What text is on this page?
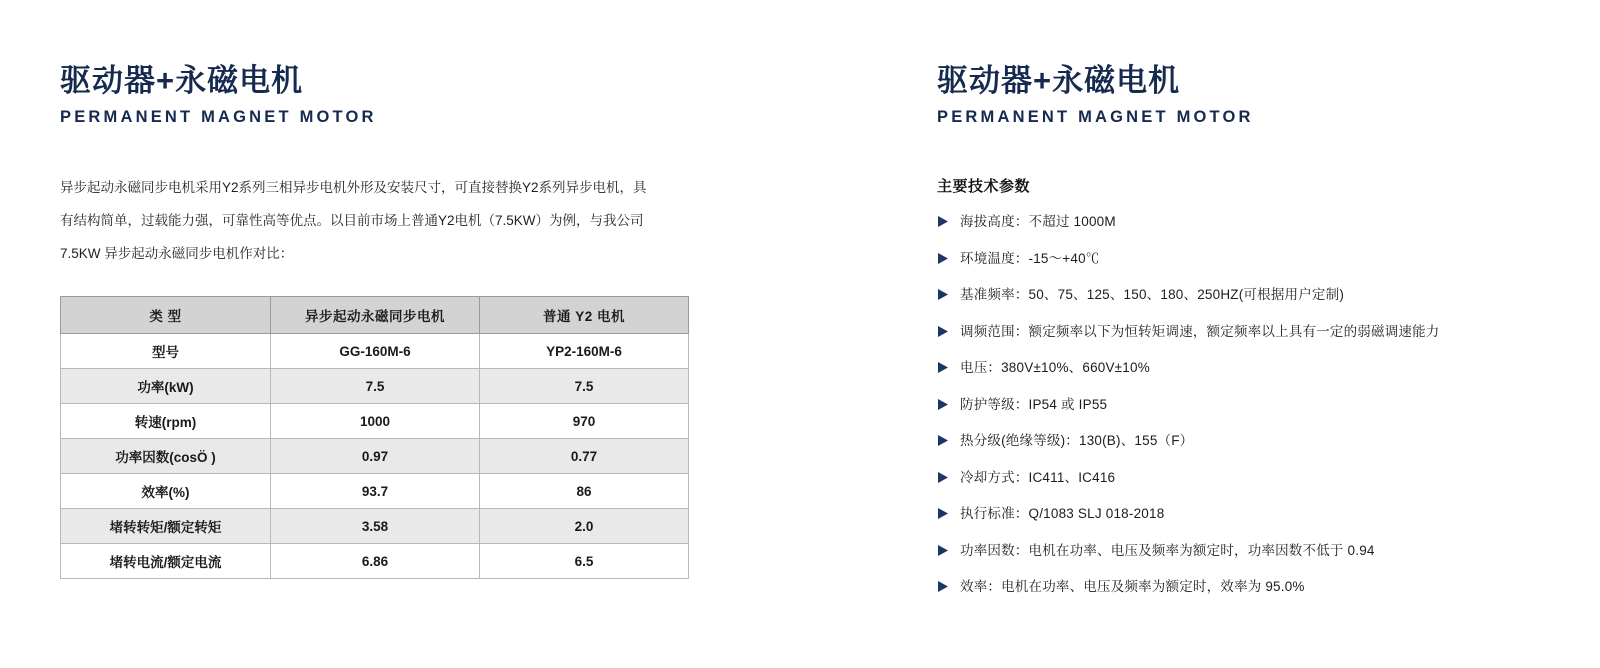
驱动器+永磁电机
PERMANENT MAGNET MOTOR
异步起动永磁同步电机采用Y2系列三相异步电机外形及安装尺寸，可直接替换Y2系列异步电机，具有结构简单，过载能力强，可靠性高等优点。以目前市场上普通Y2电机（7.5KW）为例，与我公司7.5KW 异步起动永磁同步电机作对比：
类 型	异步起动永磁同步电机	普通 Y2 电机
型号	GG-160M-6	YP2-160M-6
功率(kW)	7.5	7.5
转速(rpm)	1000	970
功率因数(cosÖ )	0.97	0.77
效率(%)	93.7	86
堵转转矩/额定转矩	3.58	2.0
堵转电流/额定电流	6.86	6.5
驱动器+永磁电机
PERMANENT MAGNET MOTOR
主要技术参数
海拔高度：不超过 1000M
环境温度：-15〜+40℃
基准频率：50、75、125、150、180、250HZ(可根据用户定制)
调频范围：额定频率以下为恒转矩调速，额定频率以上具有一定的弱磁调速能力
电压：380V±10%、660V±10%
防护等级：IP54 或 IP55
热分级(绝缘等级)：130(B)、155（F）
冷却方式：IC411、IC416
执行标准：Q/1083 SLJ 018-2018
功率因数：电机在功率、电压及频率为额定时，功率因数不低于 0.94
效率：电机在功率、电压及频率为额定时，效率为 95.0%
